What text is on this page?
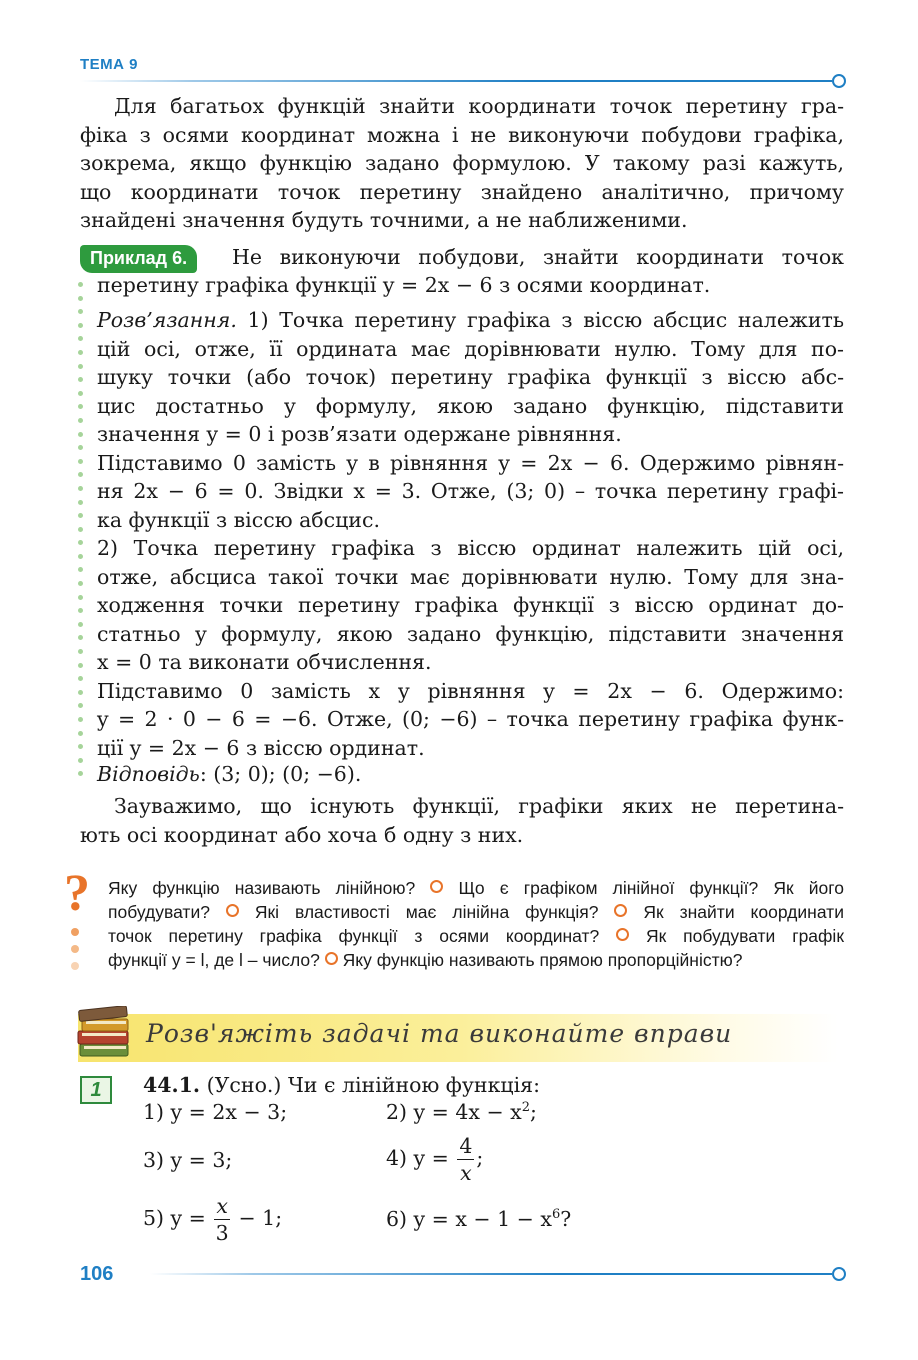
ТЕМА 9
Для багатьох функцій знайти координати точок перетину гра-
фіка з осями координат можна і не виконуючи побудови графіка,
зокрема, якщо функцію задано формулою. У такому разі кажуть,
що координати точок перетину знайдено аналітично, причому
знайдені значення будуть точними, а не наближеними.
Приклад 6.	Не виконуючи побудови, знайти координати точок
перетину графіка функції y = 2x − 6 з осями координат.
Розв’язання. 1) Точка перетину графіка з віссю абсцис належить
цій осі, отже, її ордината має дорівнювати нулю. Тому для по-
шуку точки (або точок) перетину графіка функції з віссю абс-
цис достатньо у формулу, якою задано функцію, підставити
значення y = 0 і розв’язати одержане рівняння.
Підставимо 0 замість y в рівняння y = 2x − 6. Одержимо рівнян-
ня 2x − 6 = 0. Звідки x = 3. Отже, (3; 0) – точка перетину графі-
ка функції з віссю абсцис.
2) Точка перетину графіка з віссю ординат належить цій осі,
отже, абсциса такої точки має дорівнювати нулю. Тому для зна-
ходження точки перетину графіка функції з віссю ординат до-
статньо у формулу, якою задано функцію, підставити значення
x = 0 та виконати обчислення.
Підставимо 0 замість x у рівняння y = 2x − 6. Одержимо:
y = 2 · 0 − 6 = −6. Отже, (0; −6) – точка перетину графіка функ-
ції y = 2x − 6 з віссю ординат.
Відповідь: (3; 0); (0; −6).
Зауважимо, що існують функції, графіки яких не перетина-
ють осі координат або хоча б одну з них.
? Яку функцію називають лінійною? Що є графіком лінійної функції? Як його
побудувати?	Які властивості має лінійна функція?	Як знайти координати
точок перетину графіка функції з осями координат?	Як побудувати графік
функції y = l, де l – число? Яку функцію називають прямою пропорційністю?
Розв'яжіть задачі та виконайте вправи
1	44.1. (Усно.) Чи є лінійною функція:
1) y = 2x − 3;	2) $y = 4x - x^2$;
3) y = 3;	4) $y = \frac{4}{x}$ ;
5) $y = \frac{x}{3} - 1$;	6) $y = x - 1 - x^6$?
106
